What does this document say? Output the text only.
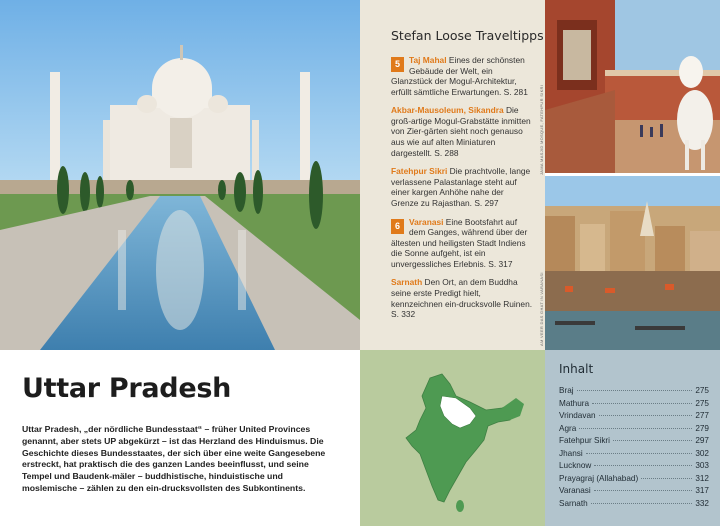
Stefan Loose Traveltipps
5	Taj Mahal Eines der schönsten Gebäude der Welt, ein Glanzstück der Mogul-Architektur, erfüllt sämtliche Erwartungen. S. 281
Akbar-Mausoleum, Sikandra Die groß-artige Mogul-Grabstätte inmitten von Zier-gärten sieht noch genauso aus wie auf alten Miniaturen dargestellt. S. 288
Fatehpur Sikri Die prachtvolle, lange verlassene Palastanlage steht auf einer kargen Anhöhe nahe der Grenze zu Rajasthan. S. 297
6	Varanasi Eine Bootsfahrt auf dem Ganges, während über der ältesten und heiligsten Stadt Indiens die Sonne aufgeht, ist ein unvergessliches Erlebnis. S. 317
Sarnath Den Ort, an dem Buddha seine erste Predigt hielt, kennzeichnen ein-drucksvolle Ruinen. S. 332
JAMA MASJID MOSQUE, FATEHPUR SIKRI
AM VEER DAS GHAT IN VARANASI
Uttar Pradesh

Uttar Pradesh, „der nördliche Bundesstaat“ – früher United Provinces genannt, aber stets UP abgekürzt – ist das Herzland des Hinduismus. Die Geschichte dieses Bundesstaates, der sich über eine weite Gangesebene erstreckt, hat praktisch die des ganzen Landes beeinflusst, und seine Tempel und Baudenk-mäler – buddhistische, hinduistische und moslemische – zählen zu den ein-drucksvollsten des Subkontinents.

Inhalt
Braj	275
Mathura	275
Vrindavan	277
Agra	279
Fatehpur Sikri	297
Jhansi	302
Lucknow	303
Prayagraj (Allahabad)	312
Varanasi	317
Sarnath	332
